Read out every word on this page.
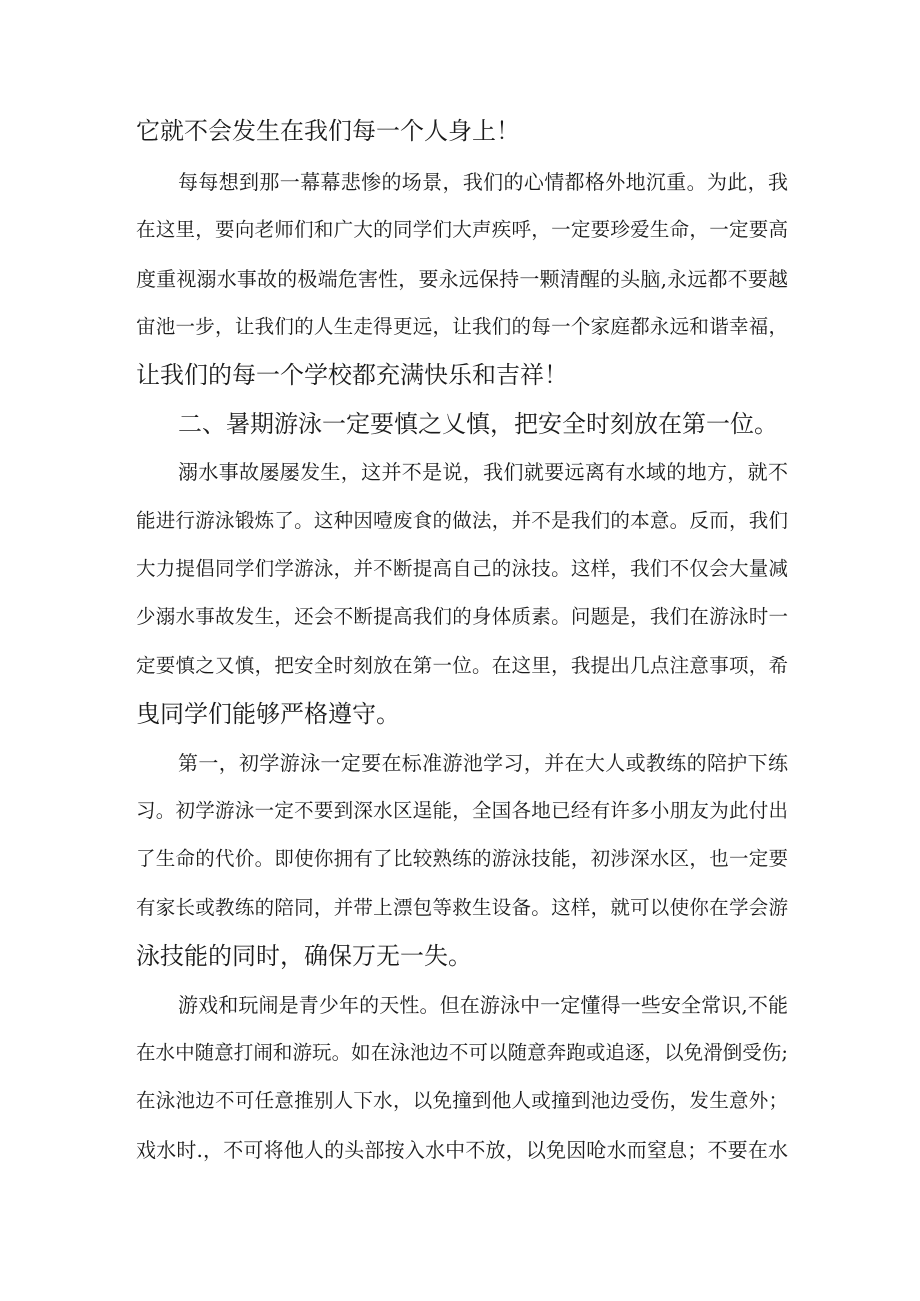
它就不会发生在我们每一个人身上！

每每想到那一幕幕悲惨的场景，我们的心情都格外地沉重。为此，我

在这里，要向老师们和广大的同学们大声疾呼，一定要珍爱生命，一定要高

度重视溺水事故的极端危害性，要永远保持一颗清醒的头脑,永远都不要越

宙池一步，让我们的人生走得更远，让我们的每一个家庭都永远和谐幸福，

让我们的每一个学校都充满快乐和吉祥！

二、暑期游泳一定要慎之乂慎，把安全时刻放在第一位。

溺水事故屡屡发生，这并不是说，我们就要远离有水域的地方，就不

能进行游泳锻炼了。这种因噎废食的做法，并不是我们的本意。反而，我们

大力提倡同学们学游泳，并不断提高自己的泳技。这样，我们不仅会大量减

少溺水事故发生，还会不断提高我们的身体质素。问题是，我们在游泳时一

定要慎之又慎，把安全时刻放在第一位。在这里，我提出几点注意事项，希

曳同学们能够严格遵守。

第一，初学游泳一定要在标准游池学习，并在大人或教练的陪护下练

习。初学游泳一定不要到深水区逞能，全国各地已经有许多小朋友为此付出

了生命的代价。即使你拥有了比较熟练的游泳技能，初涉深水区，也一定要

有家长或教练的陪同，并带上漂包等救生设备。这样，就可以使你在学会游

泳技能的同时，确保万无一失。

游戏和玩闹是青少年的天性。但在游泳中一定懂得一些安全常识,不能

在水中随意打闹和游玩。如在泳池边不可以随意奔跑或追逐，以免滑倒受伤;

在泳池边不可任意推别人下水，以免撞到他人或撞到池边受伤，发生意外；

戏水时.，不可将他人的头部按入水中不放，以免因呛水而窒息；不要在水
